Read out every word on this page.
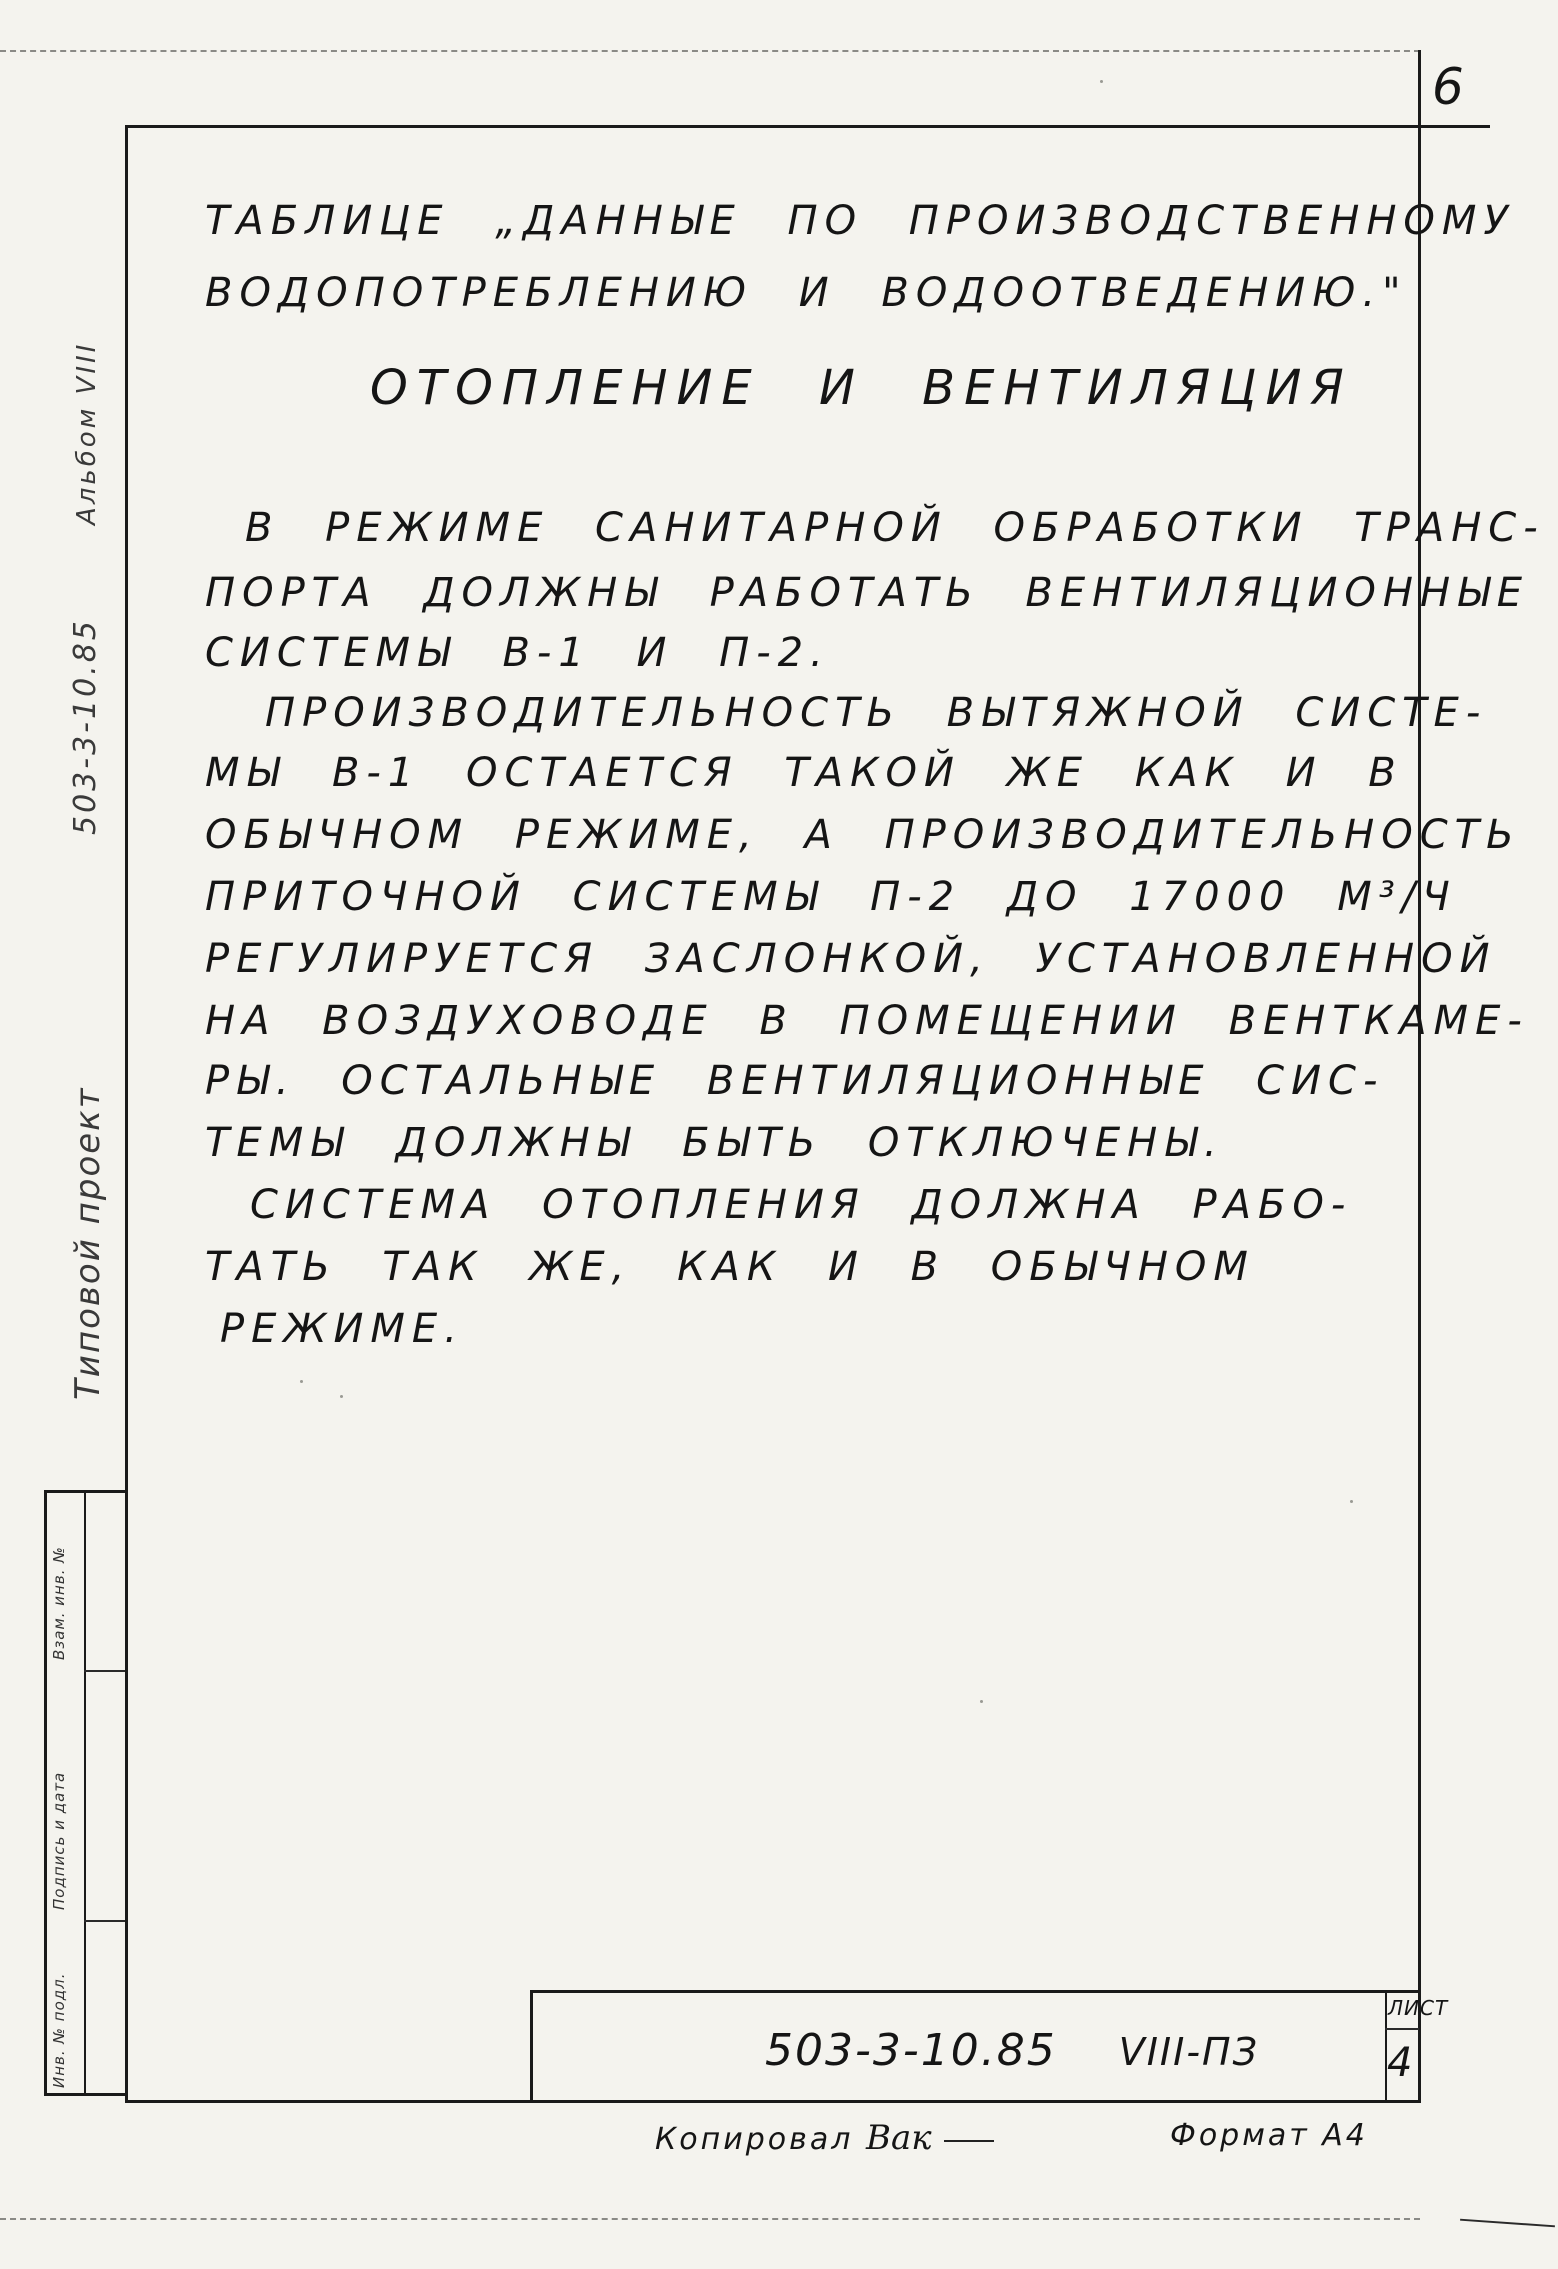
6
ТАБЛИЦЕ „ДАННЫЕ ПО ПРОИЗВОДСТВЕННОМУ
ВОДОПОТРЕБЛЕНИЮ И ВОДООТВЕДЕНИЮ."
ОТОПЛЕНИЕ И ВЕНТИЛЯЦИЯ
В РЕЖИМЕ САНИТАРНОЙ ОБРАБОТКИ ТРАНС-
ПОРТА ДОЛЖНЫ РАБОТАТЬ ВЕНТИЛЯЦИОННЫЕ
СИСТЕМЫ В-1 И П-2.
ПРОИЗВОДИТЕЛЬНОСТЬ ВЫТЯЖНОЙ СИСТЕ-
МЫ В-1 ОСТАЕТСЯ ТАКОЙ ЖЕ КАК И В
ОБЫЧНОМ РЕЖИМЕ, А ПРОИЗВОДИТЕЛЬНОСТЬ
ПРИТОЧНОЙ СИСТЕМЫ П-2 ДО 17000 М³/Ч
РЕГУЛИРУЕТСЯ ЗАСЛОНКОЙ, УСТАНОВЛЕННОЙ
НА ВОЗДУХОВОДЕ В ПОМЕЩЕНИИ ВЕНТКАМЕ-
РЫ. ОСТАЛЬНЫЕ ВЕНТИЛЯЦИОННЫЕ СИС-
ТЕМЫ ДОЛЖНЫ БЫТЬ ОТКЛЮЧЕНЫ.
СИСТЕМА ОТОПЛЕНИЯ ДОЛЖНА РАБО-
ТАТЬ ТАК ЖЕ, КАК И В ОБЫЧНОМ
РЕЖИМЕ.
Типовой проект
503-3-10.85
Альбом VIII
Инв. № подл.
Подпись и дата
Взам. инв. №
503-3-10.85 VIII-ПЗ
ЛИСТ
4
Копировал Вак	Формат А4
